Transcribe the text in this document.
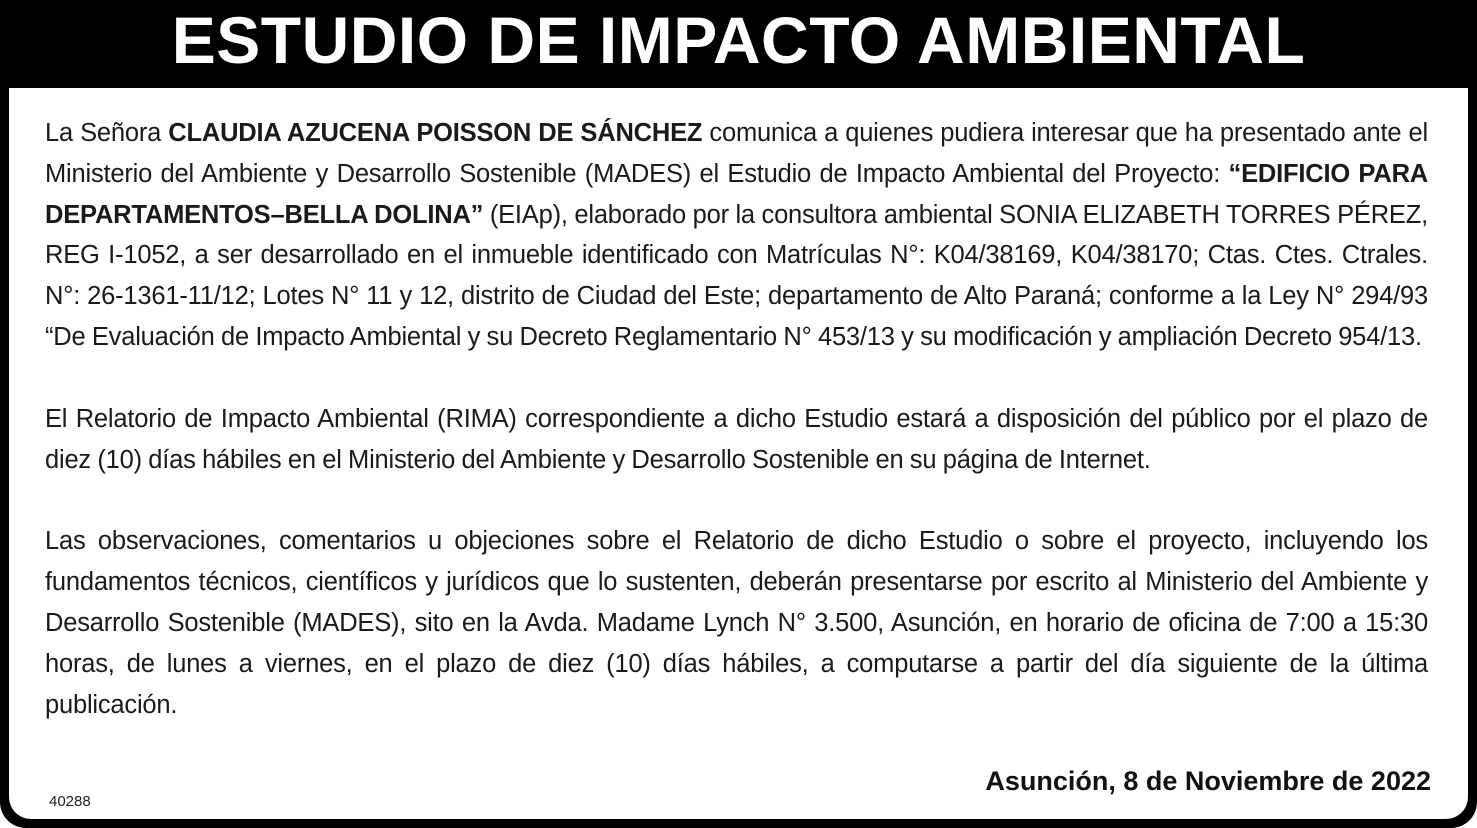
ESTUDIO DE IMPACTO AMBIENTAL

La Señora CLAUDIA AZUCENA POISSON DE SÁNCHEZ comunica a quienes pudiera interesar que ha presentado ante el Ministerio del Ambiente y Desarrollo Sostenible (MADES) el Estudio de Impacto Ambiental del Proyecto: “EDIFICIO PARA DEPARTAMENTOS–BELLA DOLINA” (EIAp), elaborado por la consultora ambiental SONIA ELIZABETH TORRES PÉREZ, REG I-1052, a ser desarrollado en el inmueble identificado con Matrículas N°: K04/38169, K04/38170; Ctas. Ctes. Ctrales. N°: 26-1361-11/12; Lotes N° 11 y 12, distrito de Ciudad del Este; departamento de Alto Paraná; conforme a la Ley N° 294/93 “De Evaluación de Impacto Ambiental y su Decreto Reglamentario N° 453/13 y su modificación y ampliación Decreto 954/13.

El Relatorio de Impacto Ambiental (RIMA) correspondiente a dicho Estudio estará a disposición del público por el plazo de diez (10) días hábiles en el Ministerio del Ambiente y Desarrollo Sostenible en su página de Internet.

Las observaciones, comentarios u objeciones sobre el Relatorio de dicho Estudio o sobre el proyecto, incluyendo los fundamentos técnicos, científicos y jurídicos que lo sustenten, deberán presentarse por escrito al Ministerio del Ambiente y Desarrollo Sostenible (MADES), sito en la Avda. Madame Lynch N° 3.500, Asunción, en horario de oficina de 7:00 a 15:30 horas, de lunes a viernes, en el plazo de diez (10) días hábiles, a computarse a partir del día siguiente de la última publicación.

Asunción, 8 de Noviembre de 2022
40288
